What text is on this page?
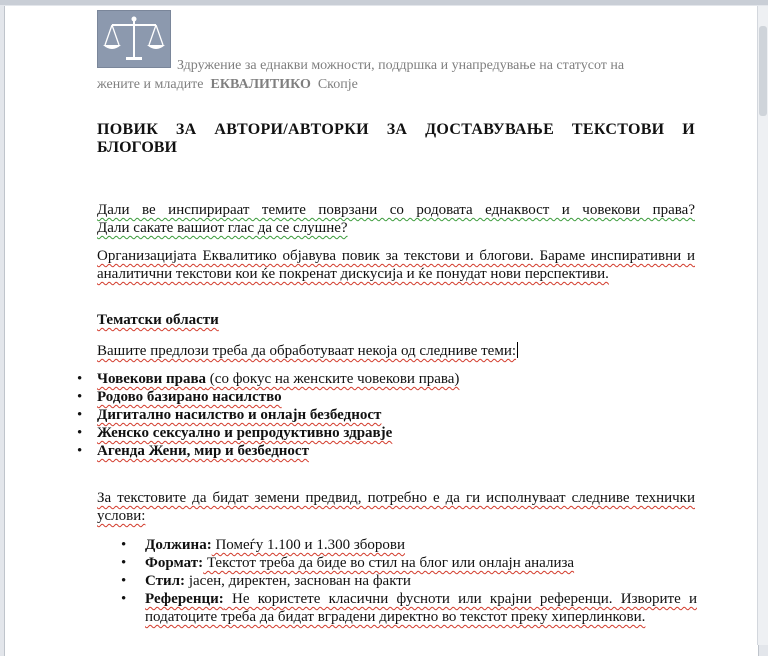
Здружение за еднакви можности, поддршка и унапредување на статусот на
жените и младите ЕКВАЛИТИКО Скопје
ПОВИК ЗА АВТОРИ/АВТОРКИ ЗА ДОСТАВУВАЊЕ ТЕКСТОВИ И
БЛОГОВИ
Дали ве инспирираат темите поврзани со родовата еднаквост и човекови права?
Дали сакате вашиот глас да се слушне?
Организацијата Еквалитико објавува повик за текстови и блогови. Бараме инспиративни и аналитични текстови кои ќе покренат дискусија и ќе понудат нови перспективи.
Тематски области
Вашите предлози треба да обработуваат некоја од следниве теми:
• Човекови права (со фокус на женските човекови права)
• Родово базирано насилство
• Дигитално насилство и онлајн безбедност
• Женско сексуално и репродуктивно здравје
• Агенда Жени, мир и безбедност
За текстовите да бидат земени предвид, потребно е да ги исполнуваат следниве технички услови:
• Должина: Помеѓу 1.100 и 1.300 зборови
• Формат: Текстот треба да биде во стил на блог или онлајн анализа
• Стил: јасен, директен, заснован на факти
• Референци: Не користете класични фусноти или крајни референци. Изворите и податоците треба да бидат вградени директно во текстот преку хиперлинкови.
